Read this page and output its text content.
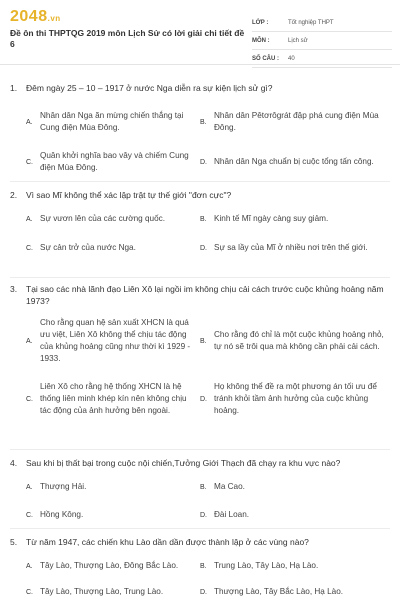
2048.vn
Đề ôn thi THPTQG 2019 môn Lịch Sử có lời giải chi tiết đề 6
LỚP :	Tốt nghiệp THPT
MÔN :	Lịch sử
SỐ CÂU :	40
1.	Đêm ngày 25 – 10 – 1917 ở nước Nga diễn ra sự kiện lịch sử gì?
A.
Nhân dân Nga ăn mừng chiến thắng tại Cung điện Mùa Đông.
B.
Nhân dân Pêtơrôgrát đập phá cung điện Mùa Đông.
C.
Quân khởi nghĩa bao vây và chiếm Cung điện Mùa Đông.
D. Nhân dân Nga chuẩn bị cuộc tổng tấn công.
2.	Vì sao Mĩ không thể xác lập trật tự thế giới "đơn cực"?
A. Sự vươn lên của các cường quốc.	B. Kinh tế Mĩ ngày càng suy giảm.
C. Sự cản trở của nước Nga.	D. Sự sa lầy của Mĩ ở nhiều nơi trên thế giới.
3.	Tại sao các nhà lãnh đạo Liên Xô lại ngồi im không chịu cải cách trước cuộc khủng hoảng năm 1973?
A.
Cho rằng quan hệ sản xuất XHCN là quá ưu việt, Liên Xô không thể chịu tác động của khủng hoảng cũng như thời kì 1929 - 1933.
B.
Cho rằng đó chỉ là một cuộc khủng hoảng nhỏ, tự nó sẽ trôi qua mà không cần phải cải cách.
C.
Liên Xô cho rằng hệ thống XHCN là hệ thống liên minh khép kín nên không chịu tác động của ảnh hưởng bên ngoài.
D.
Họ không thể đề ra một phương án tối ưu để tránh khỏi tầm ảnh hưởng của cuộc khủng hoảng.
4.	Sau khi bị thất bại trong cuộc nội chiến,Tưởng Giới Thạch đã chạy ra khu vực nào?
A. Thượng Hải.	B. Ma Cao.
C. Hồng Kông.	D. Đài Loan.
5.	Từ năm 1947, các chiến khu Lào dần dần được thành lập ở các vùng nào?
A. Tây Lào, Thượng Lào, Đông Bắc Lào.	B. Trung Lào, Tây Lào, Hạ Lào.
C. Tây Lào, Thượng Lào, Trung Lào.	D. Thượng Lào, Tây Bắc Lào, Hạ Lào.
